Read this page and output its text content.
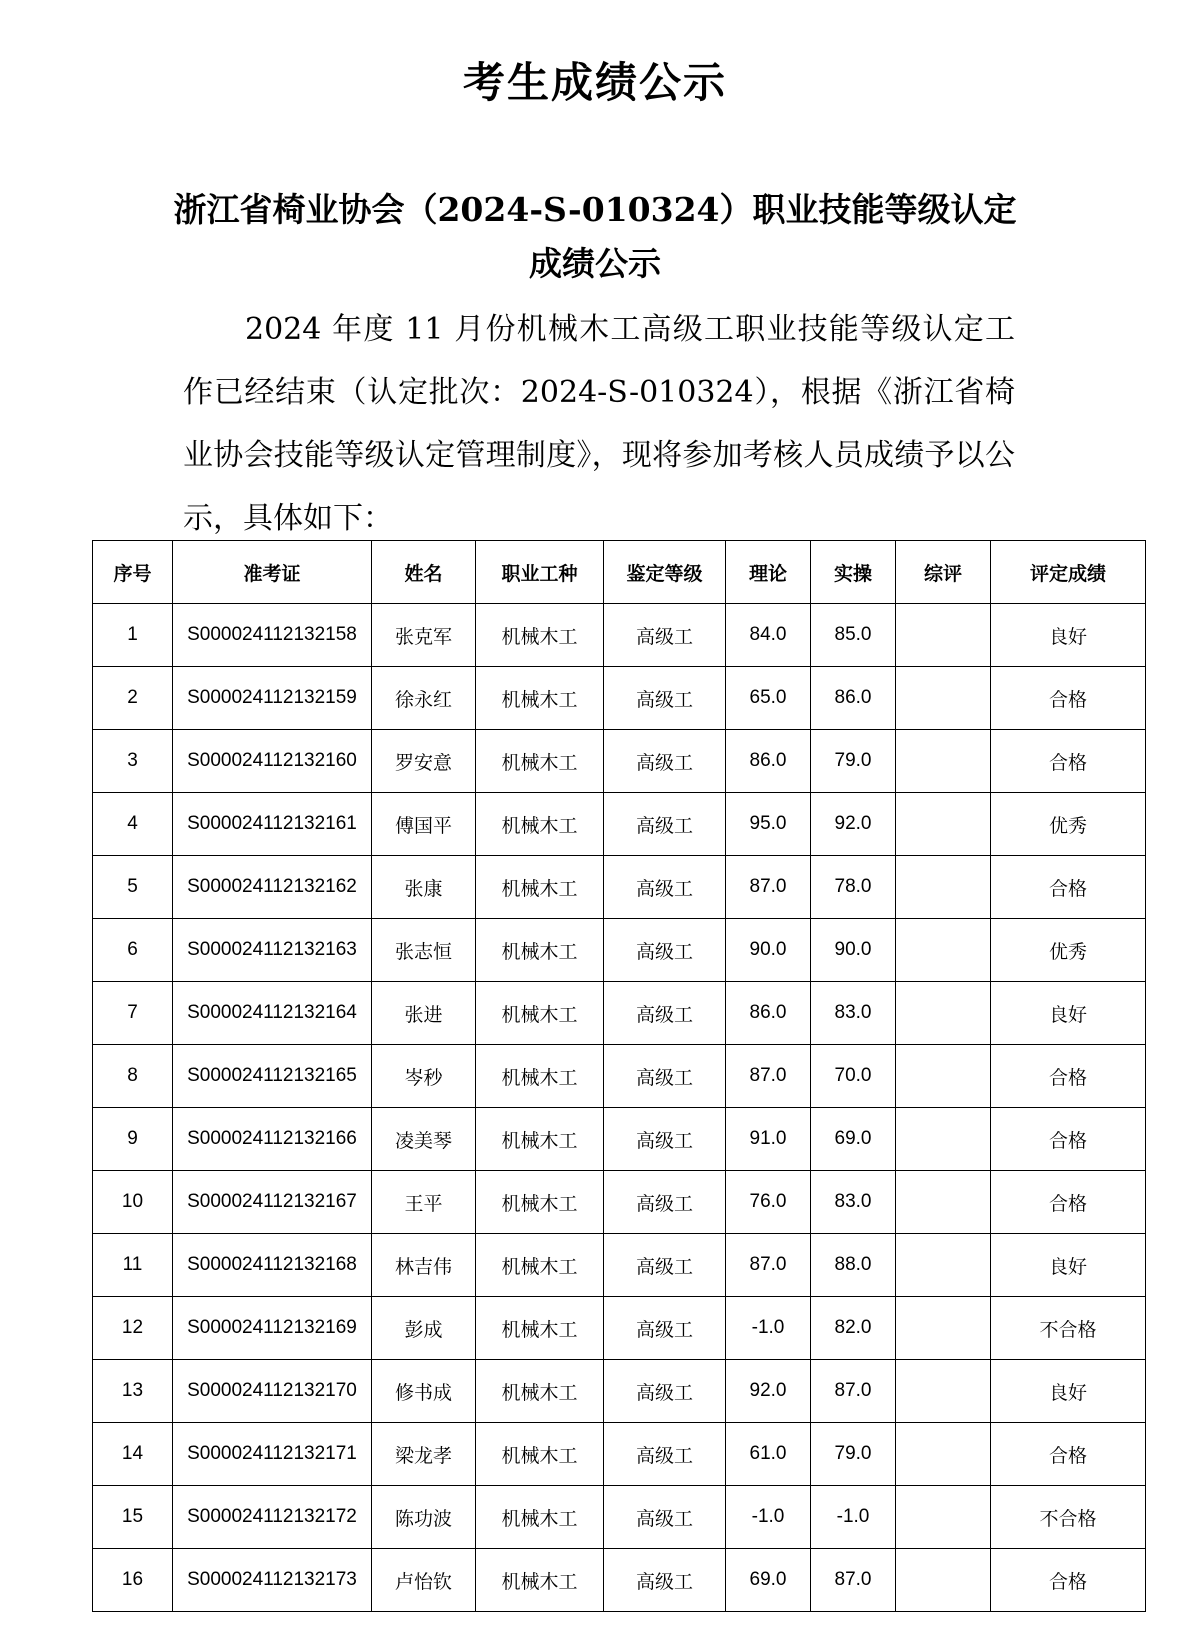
考生成绩公示
浙江省椅业协会（2024-S-010324）职业技能等级认定
成绩公示
2024 年度 11 月份机械木工高级工职业技能等级认定工作已经结束（认定批次：2024-S-010324），根据《浙江省椅业协会技能等级认定管理制度》，现将参加考核人员成绩予以公示，具体如下：
序号	准考证	姓名	职业工种	鉴定等级	理论	实操	综评	评定成绩
1	S000024112132158	张克军	机械木工	高级工	84.0	85.0		良好
2	S000024112132159	徐永红	机械木工	高级工	65.0	86.0		合格
3	S000024112132160	罗安意	机械木工	高级工	86.0	79.0		合格
4	S000024112132161	傅国平	机械木工	高级工	95.0	92.0		优秀
5	S000024112132162	张康	机械木工	高级工	87.0	78.0		合格
6	S000024112132163	张志恒	机械木工	高级工	90.0	90.0		优秀
7	S000024112132164	张进	机械木工	高级工	86.0	83.0		良好
8	S000024112132165	岑秒	机械木工	高级工	87.0	70.0		合格
9	S000024112132166	凌美琴	机械木工	高级工	91.0	69.0		合格
10	S000024112132167	王平	机械木工	高级工	76.0	83.0		合格
11	S000024112132168	林吉伟	机械木工	高级工	87.0	88.0		良好
12	S000024112132169	彭成	机械木工	高级工	-1.0	82.0		不合格
13	S000024112132170	修书成	机械木工	高级工	92.0	87.0		良好
14	S000024112132171	梁龙孝	机械木工	高级工	61.0	79.0		合格
15	S000024112132172	陈功波	机械木工	高级工	-1.0	-1.0		不合格
16	S000024112132173	卢怡钦	机械木工	高级工	69.0	87.0		合格
